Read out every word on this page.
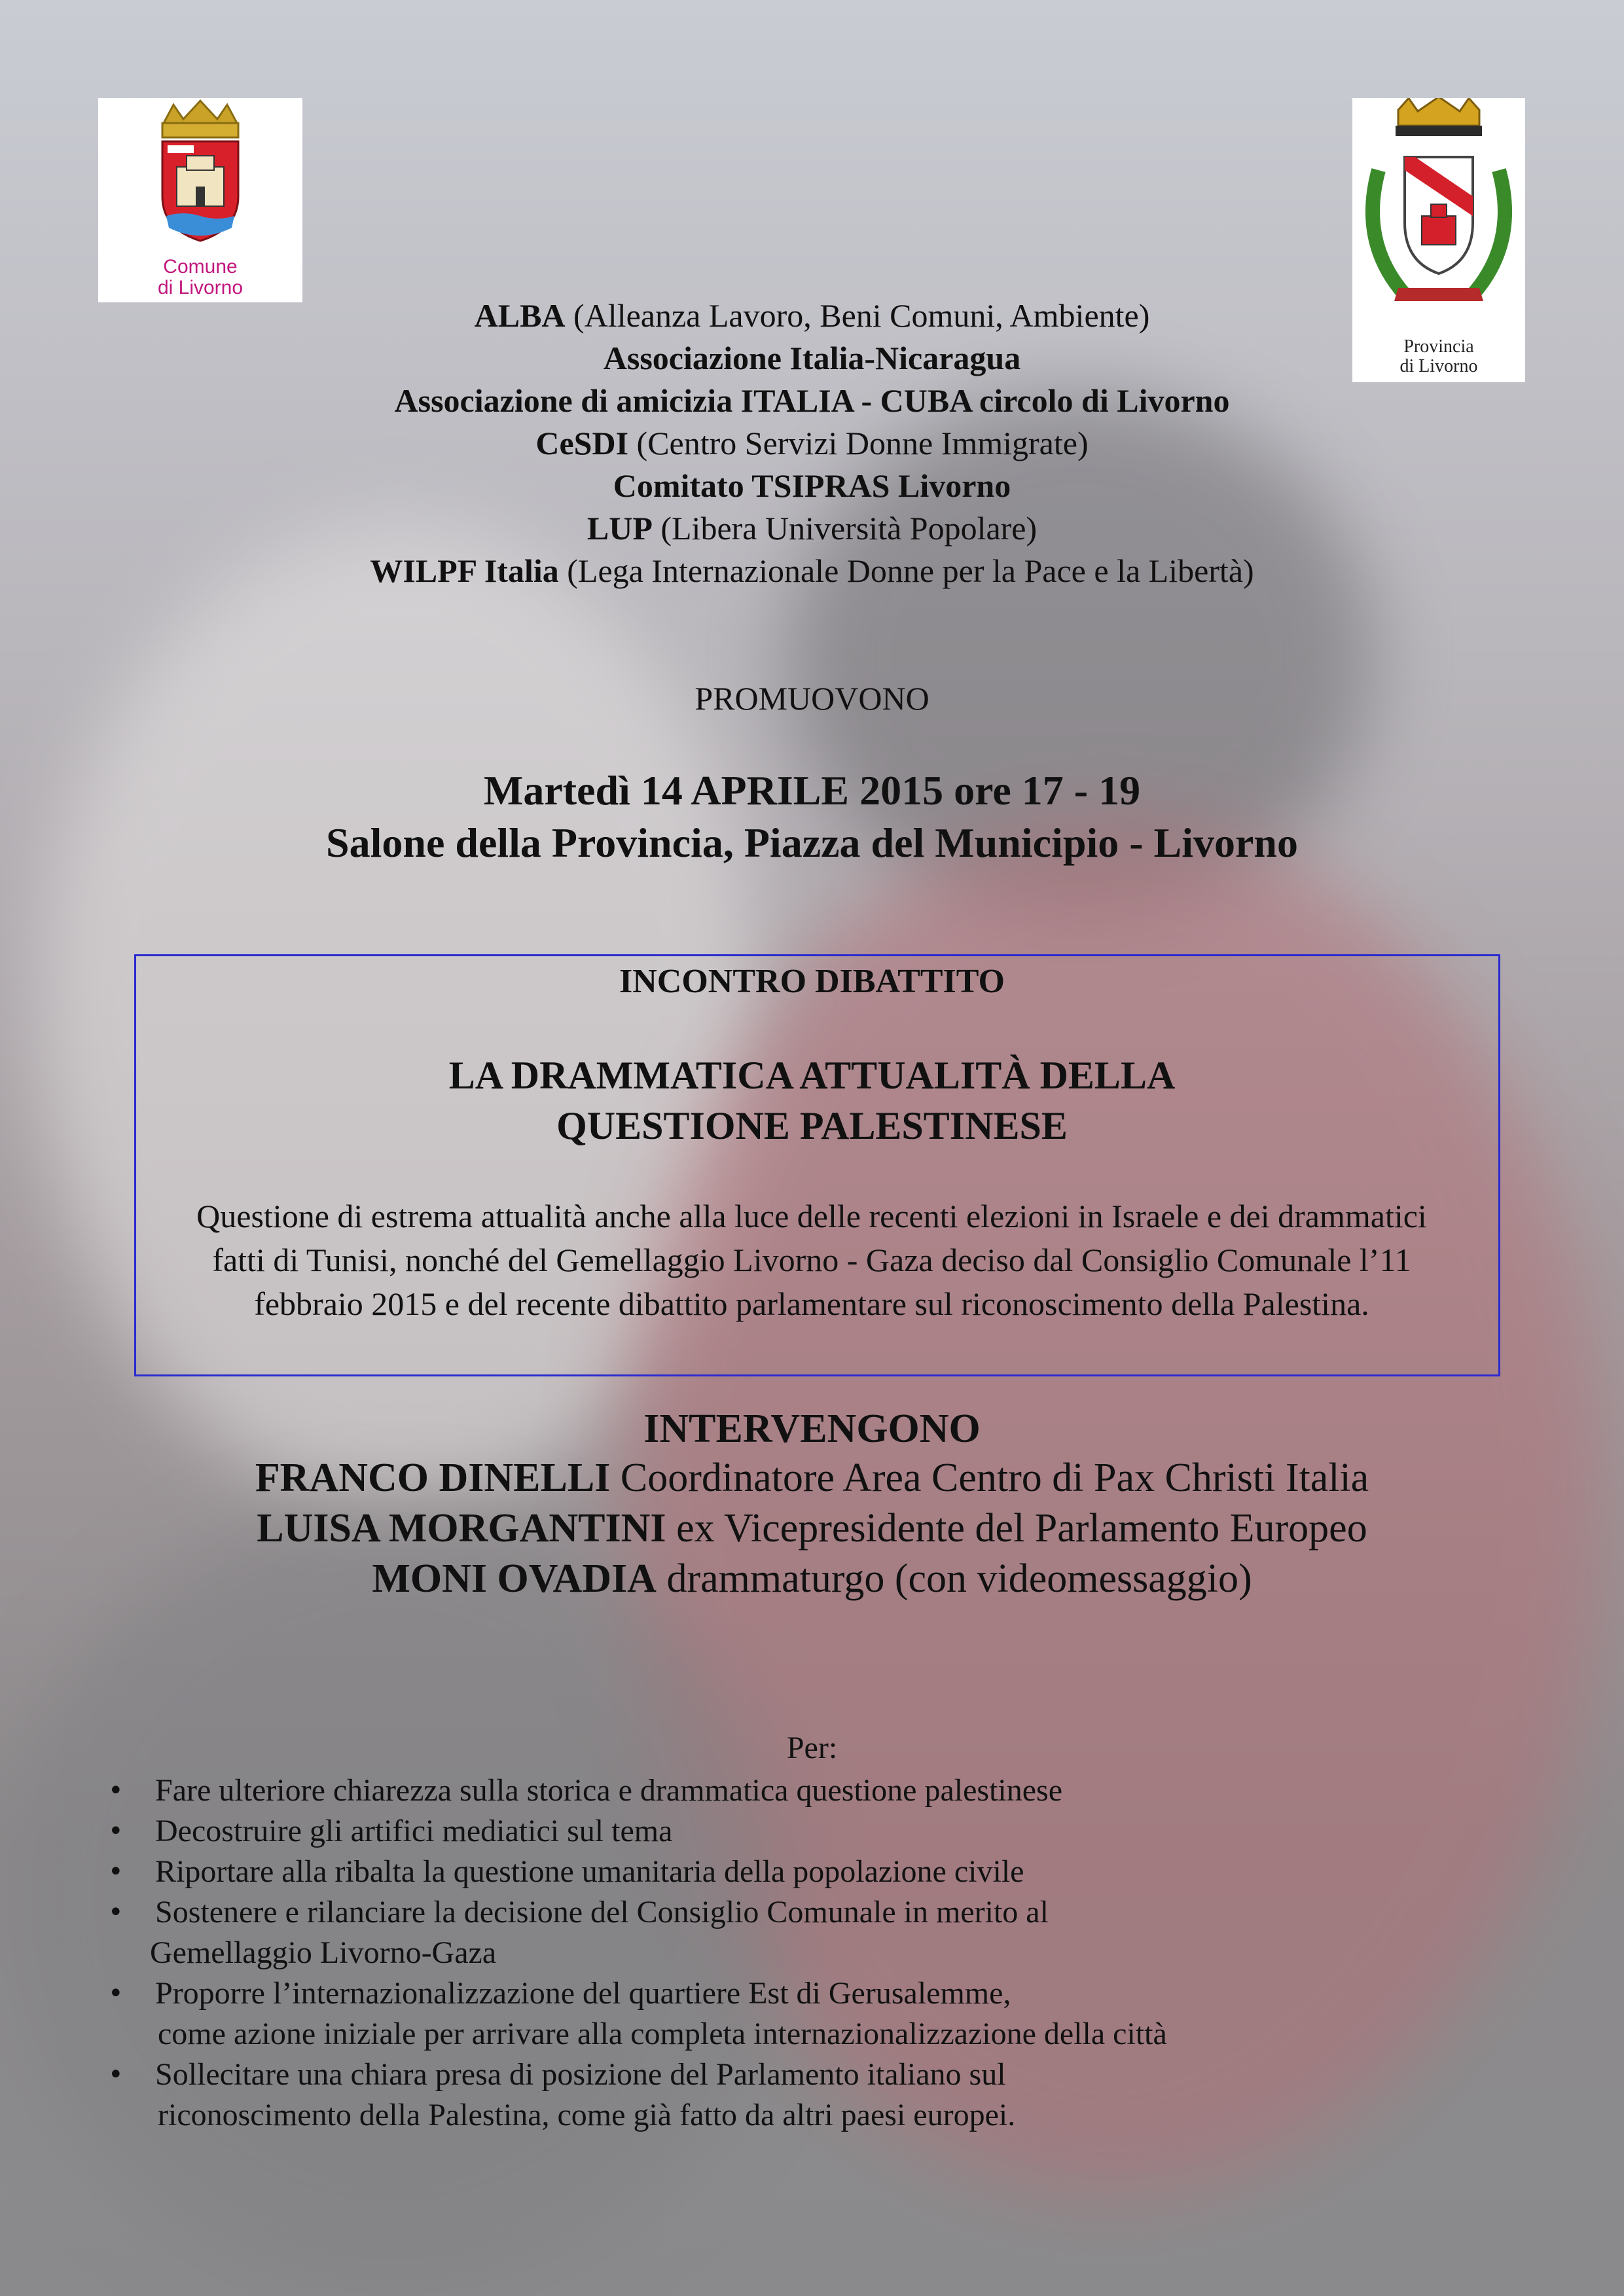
Comune
di Livorno
Provincia
di Livorno
ALBA (Alleanza Lavoro, Beni Comuni, Ambiente)
Associazione Italia-Nicaragua
Associazione di amicizia ITALIA - CUBA circolo di Livorno
CeSDI (Centro Servizi Donne Immigrate)
Comitato TSIPRAS Livorno
LUP (Libera Università Popolare)
WILPF Italia (Lega Internazionale Donne per la Pace e la Libertà)
PROMUOVONO
Martedì 14 APRILE 2015 ore 17 - 19
Salone della Provincia, Piazza del Municipio - Livorno
INCONTRO DIBATTITO
LA DRAMMATICA ATTUALITÀ DELLA
QUESTIONE PALESTINESE
Questione di estrema attualità anche alla luce delle recenti elezioni in Israele e dei drammatici fatti di Tunisi, nonché del Gemellaggio Livorno - Gaza deciso dal Consiglio Comunale l’11 febbraio 2015 e del recente dibattito parlamentare sul riconoscimento della Palestina.
INTERVENGONO
FRANCO DINELLI Coordinatore Area Centro di Pax Christi Italia
LUISA MORGANTINI ex Vicepresidente del Parlamento Europeo
MONI OVADIA drammaturgo (con videomessaggio)
Per:
• Fare ulteriore chiarezza sulla storica e drammatica questione palestinese
• Decostruire gli artifici mediatici sul tema
• Riportare alla ribalta la questione umanitaria della popolazione civile
• Sostenere e rilanciare la decisione del Consiglio Comunale in merito al
Gemellaggio Livorno-Gaza
• Proporre l’internazionalizzazione del quartiere Est di Gerusalemme,
come azione iniziale per arrivare alla completa internazionalizzazione della città
• Sollecitare una chiara presa di posizione del Parlamento italiano sul
riconoscimento della Palestina, come già fatto da altri paesi europei.
